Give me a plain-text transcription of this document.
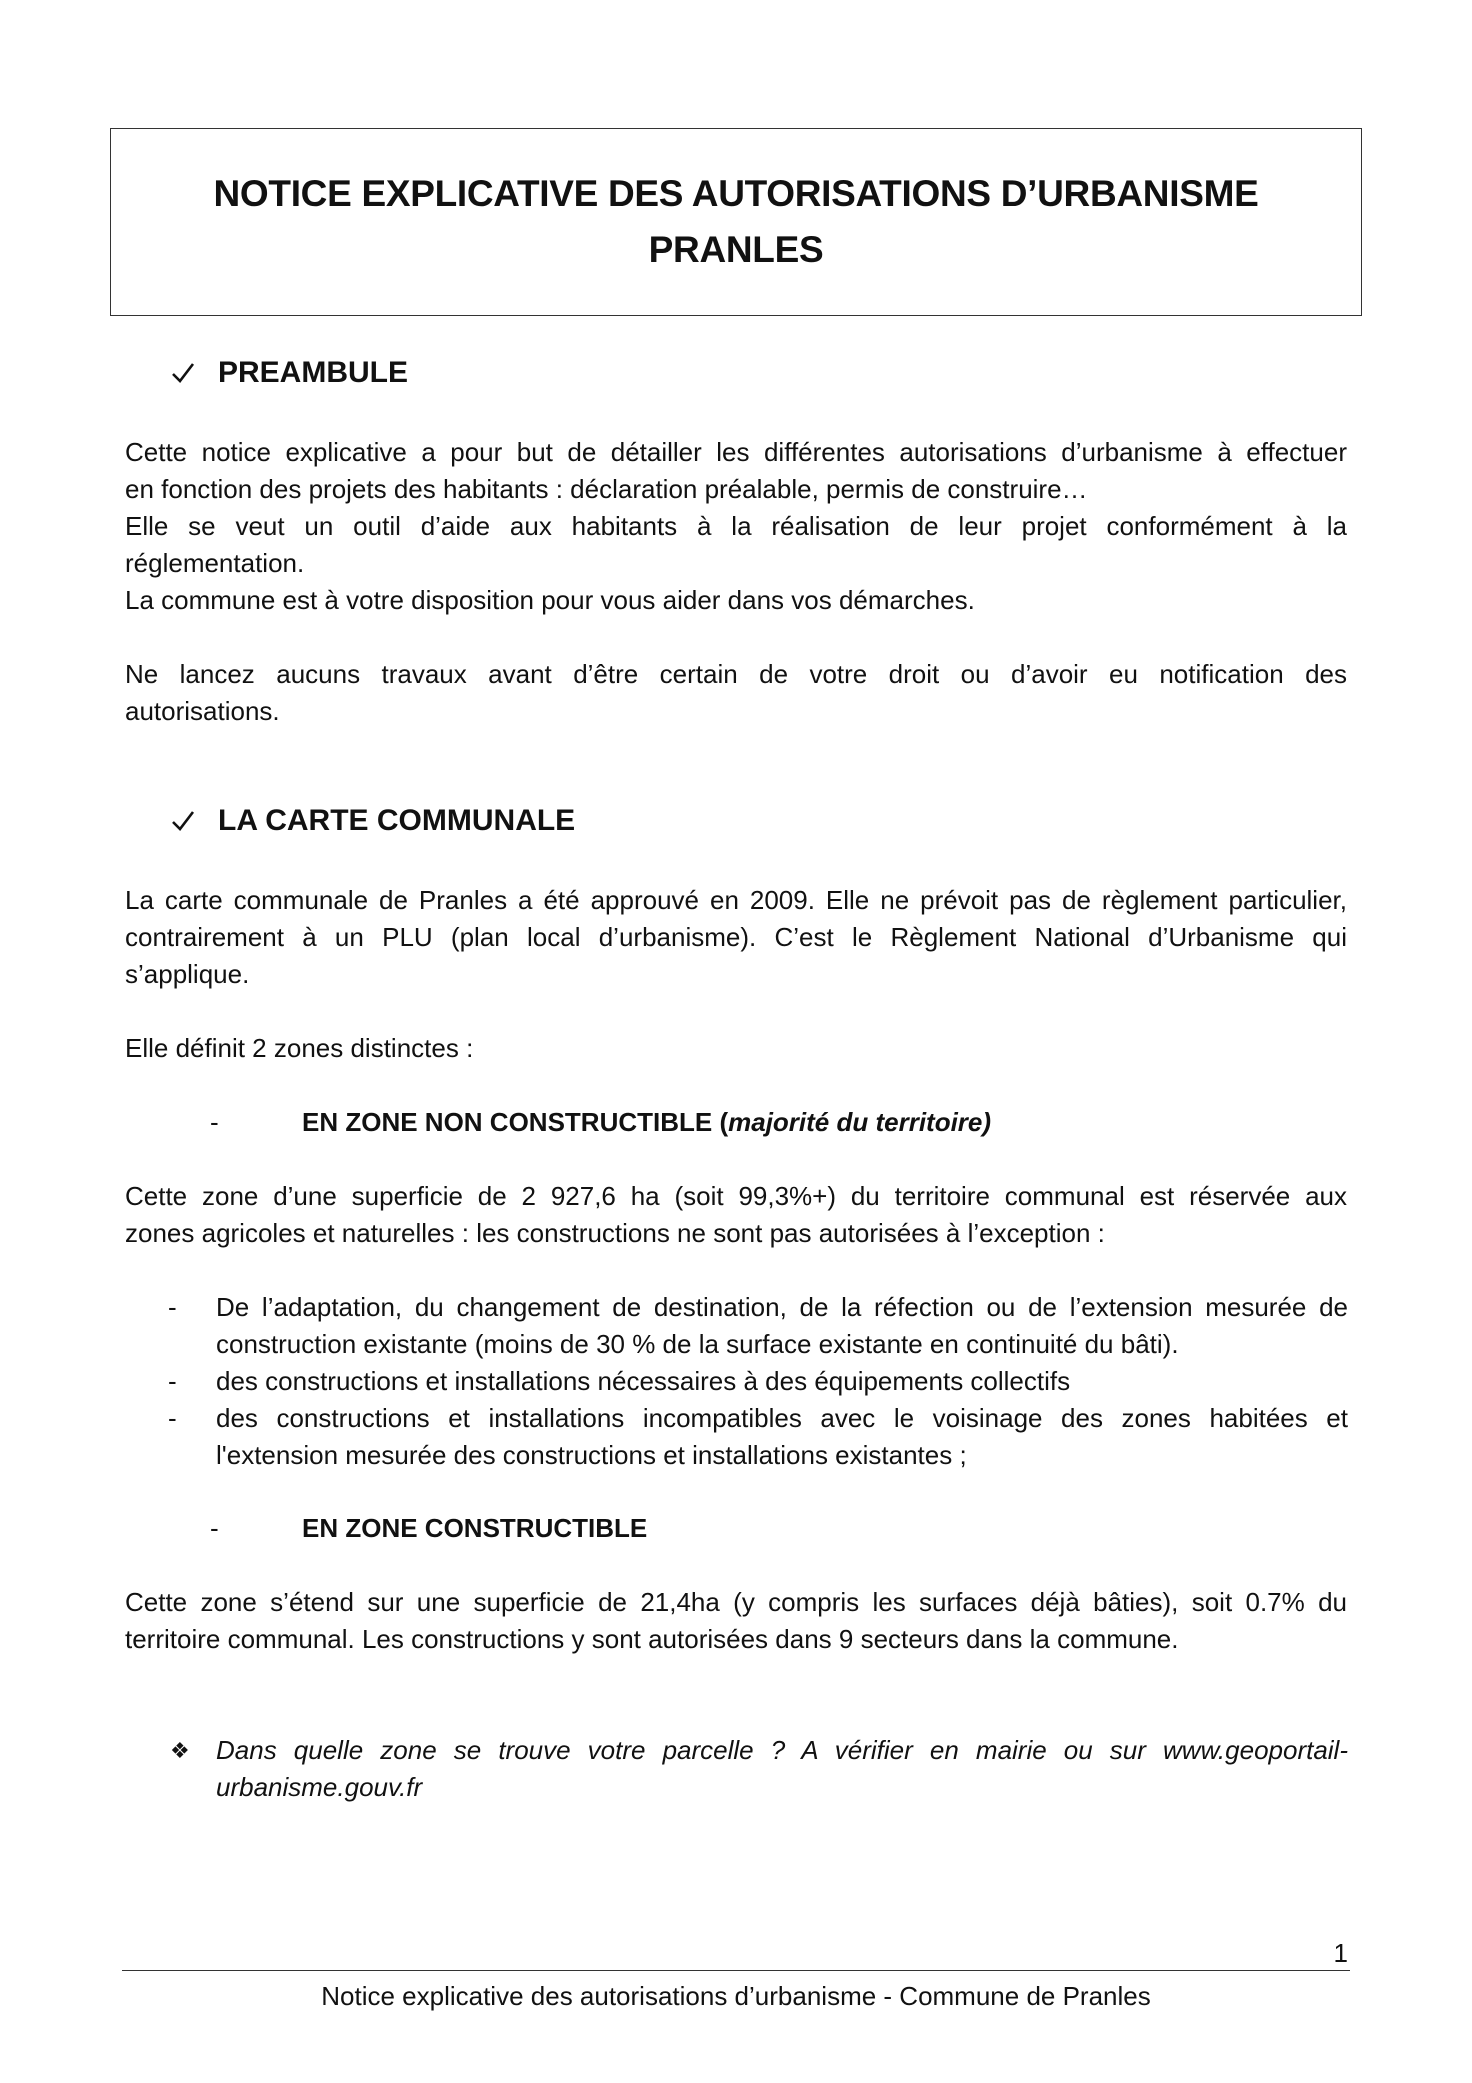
NOTICE EXPLICATIVE DES AUTORISATIONS D’URBANISME
PRANLES
PREAMBULE
Cette notice explicative a pour but de détailler les différentes autorisations d’urbanisme à effectuer
en fonction des projets des habitants : déclaration préalable, permis de construire…
Elle se veut un outil d’aide aux habitants à la réalisation de leur projet conformément à la
réglementation.
La commune est à votre disposition pour vous aider dans vos démarches.
Ne lancez aucuns travaux avant d’être certain de votre droit ou d’avoir eu notification des
autorisations.
LA CARTE COMMUNALE
La carte communale de Pranles a été approuvé en 2009. Elle ne prévoit pas de règlement particulier,
contrairement à un PLU (plan local d’urbanisme). C’est le Règlement National d’Urbanisme qui
s’applique.
Elle définit 2 zones distinctes :
-	EN ZONE NON CONSTRUCTIBLE ( majorité du territoire)
Cette zone d’une superficie de 2 927,6 ha (soit 99,3%+) du territoire communal est réservée aux
zones agricoles et naturelles : les constructions ne sont pas autorisées à l’exception :
- De l’adaptation, du changement de destination, de la réfection ou de l’extension mesurée de construction existante (moins de 30 % de la surface existante en continuité du bâti).
- des constructions et installations nécessaires à des équipements collectifs
- des constructions et installations incompatibles avec le voisinage des zones habitées et l'extension mesurée des constructions et installations existantes ;
-	EN ZONE CONSTRUCTIBLE
Cette zone s’étend sur une superficie de 21,4ha (y compris les surfaces déjà bâties), soit 0.7% du
territoire communal. Les constructions y sont autorisées dans 9 secteurs dans la commune.
❖	Dans quelle zone se trouve votre parcelle ? A vérifier en mairie ou sur www.geoportail-urbanisme.gouv.fr
1
Notice explicative des autorisations d’urbanisme - Commune de Pranles
